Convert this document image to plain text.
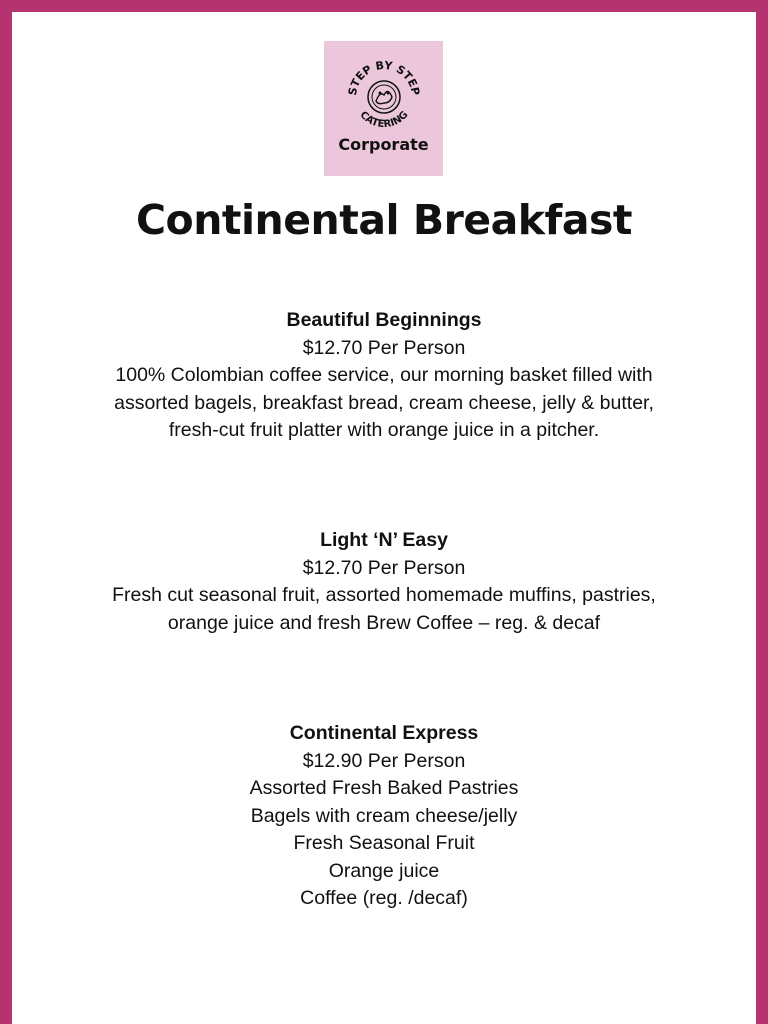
STEP BY STEP
CATERING
Corporate
Continental Breakfast
Beautiful Beginnings
$12.70 Per Person
100% Colombian coffee service, our morning basket filled with
assorted bagels, breakfast bread, cream cheese, jelly & butter,
fresh-cut fruit platter with orange juice in a pitcher.
Light ‘N’ Easy
$12.70 Per Person
Fresh cut seasonal fruit, assorted homemade muffins, pastries,
orange juice and fresh Brew Coffee – reg. & decaf
Continental Express
$12.90 Per Person
Assorted Fresh Baked Pastries
Bagels with cream cheese/jelly
Fresh Seasonal Fruit
Orange juice
Coffee (reg. /decaf)
